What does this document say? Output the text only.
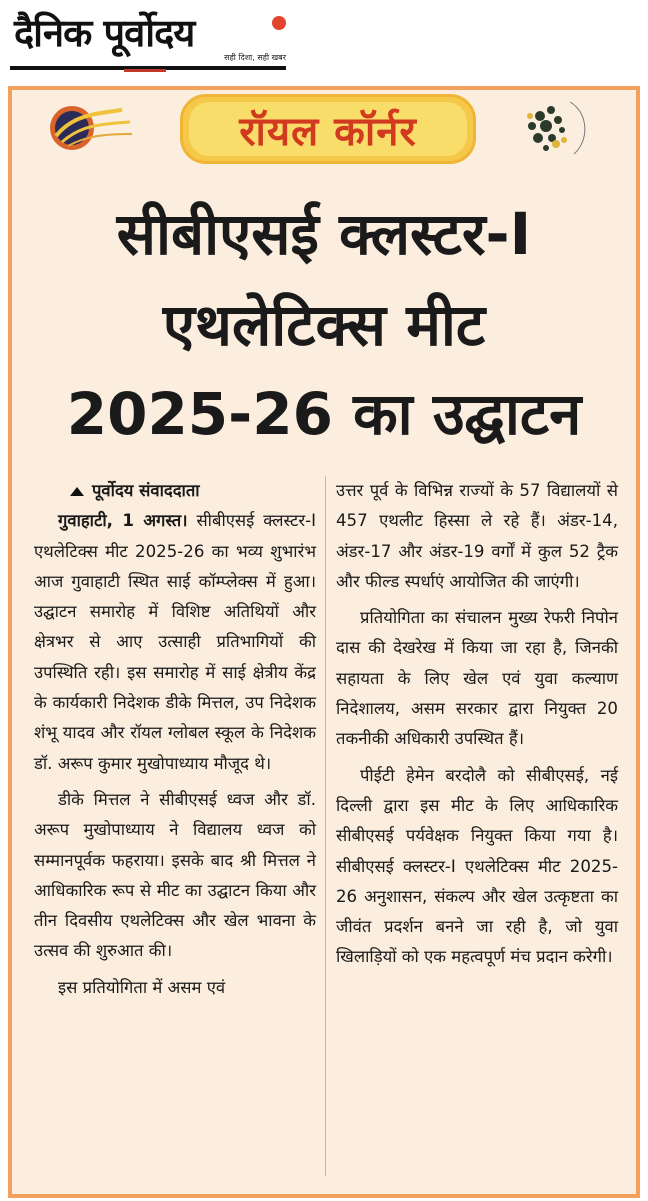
दैनिक पूर्वोदय
सही दिशा, सही खबर
रॉयल कॉर्नर
सीबीएसई क्लस्टर-I
एथलेटिक्स मीट
2025-26 का उद्घाटन
पूर्वोदय संवाददाता

गुवाहाटी, 1 अगस्त। सीबीएसई क्लस्टर-I एथलेटिक्स मीट 2025-26 का भव्य शुभारंभ आज गुवाहाटी स्थित साई कॉम्प्लेक्स में हुआ। उद्घाटन समारोह में विशिष्ट अतिथियों और क्षेत्रभर से आए उत्साही प्रतिभागियों की उपस्थिति रही। इस समारोह में साई क्षेत्रीय केंद्र के कार्यकारी निदेशक डीके मित्तल, उप निदेशक शंभू यादव और रॉयल ग्लोबल स्कूल के निदेशक डॉ. अरूप कुमार मुखोपाध्याय मौजूद थे।

डीके मित्तल ने सीबीएसई ध्वज और डॉ. अरूप मुखोपाध्याय ने विद्यालय ध्वज को सम्मानपूर्वक फहराया। इसके बाद श्री मित्तल ने आधिकारिक रूप से मीट का उद्घाटन किया और तीन दिवसीय एथलेटिक्स और खेल भावना के उत्सव की शुरुआत की।

इस प्रतियोगिता में असम एवं

उत्तर पूर्व के विभिन्न राज्यों के 57 विद्यालयों से 457 एथलीट हिस्सा ले रहे हैं। अंडर-14, अंडर-17 और अंडर-19 वर्गों में कुल 52 ट्रैक और फील्ड स्पर्धाएं आयोजित की जाएंगी।

प्रतियोगिता का संचालन मुख्य रेफरी निपोन दास की देखरेख में किया जा रहा है, जिनकी सहायता के लिए खेल एवं युवा कल्याण निदेशालय, असम सरकार द्वारा नियुक्त 20 तकनीकी अधिकारी उपस्थित हैं।

पीईटी हेमेन बरदोलै को सीबीएसई, नई दिल्ली द्वारा इस मीट के लिए आधिकारिक सीबीएसई पर्यवेक्षक नियुक्त किया गया है। सीबीएसई क्लस्टर-I एथलेटिक्स मीट 2025-26 अनुशासन, संकल्प और खेल उत्कृष्टता का जीवंत प्रदर्शन बनने जा रही है, जो युवा खिलाड़ियों को एक महत्वपूर्ण मंच प्रदान करेगी।
